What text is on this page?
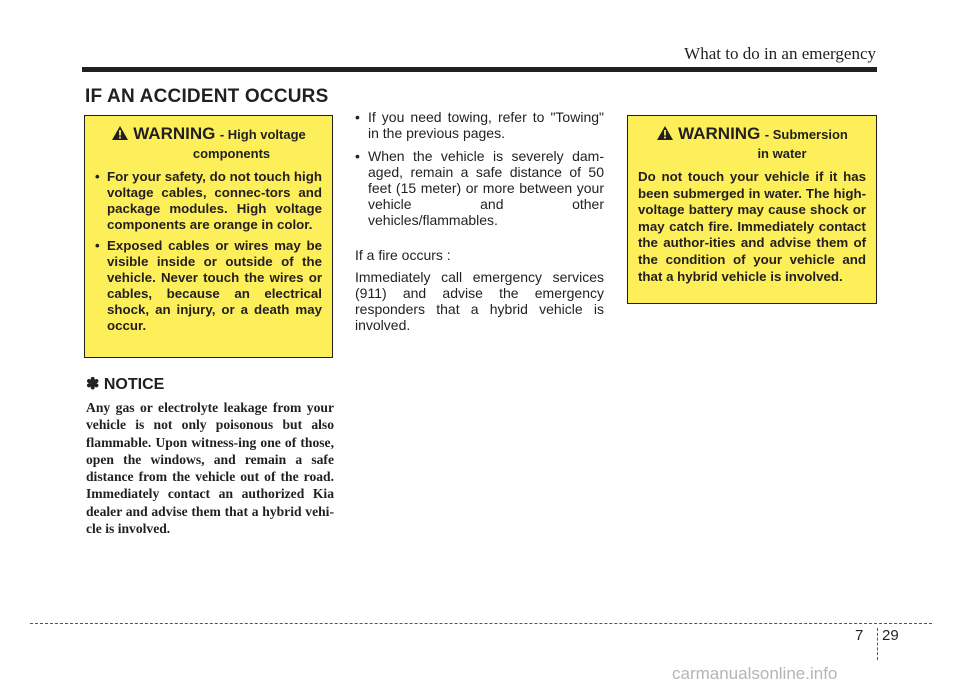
What to do in an emergency
IF AN ACCIDENT OCCURS
WARNING - High voltage
components
• For your safety, do not touch high voltage cables, connec-tors and package modules. High voltage components are orange in color.
• Exposed cables or wires may be visible inside or outside of the vehicle. Never touch the wires or cables, because an electrical shock, an injury, or a death may occur.
✽ NOTICE
Any gas or electrolyte leakage from your vehicle is not only poisonous but also flammable. Upon witness-ing one of those, open the windows, and remain a safe distance from the vehicle out of the road. Immediately contact an authorized Kia dealer and advise them that a hybrid vehi-cle is involved.
• If you need towing, refer to "Towing" in the previous pages.
• When the vehicle is severely dam-aged, remain a safe distance of 50 feet (15 meter) or more between your vehicle and other vehicles/flammables.

If a fire occurs :

Immediately call emergency services (911) and advise the emergency responders that a hybrid vehicle is involved.

WARNING - Submersion
in water
Do not touch your vehicle if it has been submerged in water. The high-voltage battery may cause shock or may catch fire. Immediately contact the author-ities and advise them of the condition of your vehicle and that a hybrid vehicle is involved.
7 29
carmanualsonline.info
